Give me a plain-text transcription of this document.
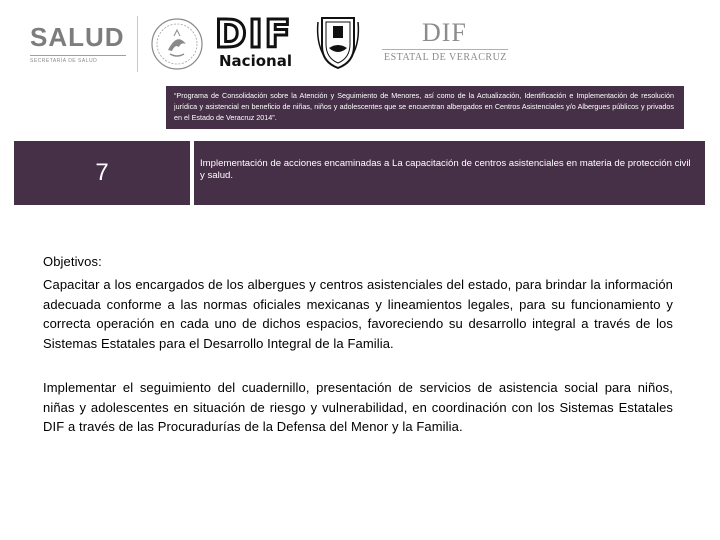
SALUD
SECRETARÍA DE SALUD
DIF
Nacional
DIF
ESTATAL DE VERACRUZ
“Programa de Consolidación sobre la Atención y Seguimiento de Menores, así como de la Actualización, Identificación e Implementación de resolución jurídica y asistencial en beneficio de niñas, niños y adolescentes que se encuentran albergados en Centros Asistenciales y/o Albergues públicos y privados en el Estado de Veracruz 2014”.
7	Implementación de acciones encaminadas a La capacitación de centros asistenciales en materia de protección civil y salud.
Objetivos:
Capacitar a los encargados de los albergues y centros asistenciales del estado, para brindar la información adecuada conforme a las normas oficiales mexicanas y lineamientos legales, para su funcionamiento y correcta operación en cada uno de dichos espacios, favoreciendo su desarrollo integral a través de los Sistemas Estatales para el Desarrollo Integral de la Familia.
Implementar el seguimiento del cuadernillo, presentación de servicios de asistencia social para niños, niñas y adolescentes en situación de riesgo y vulnerabilidad, en coordinación con los Sistemas Estatales DIF a través de las Procuradurías de la Defensa del Menor y la Familia.
